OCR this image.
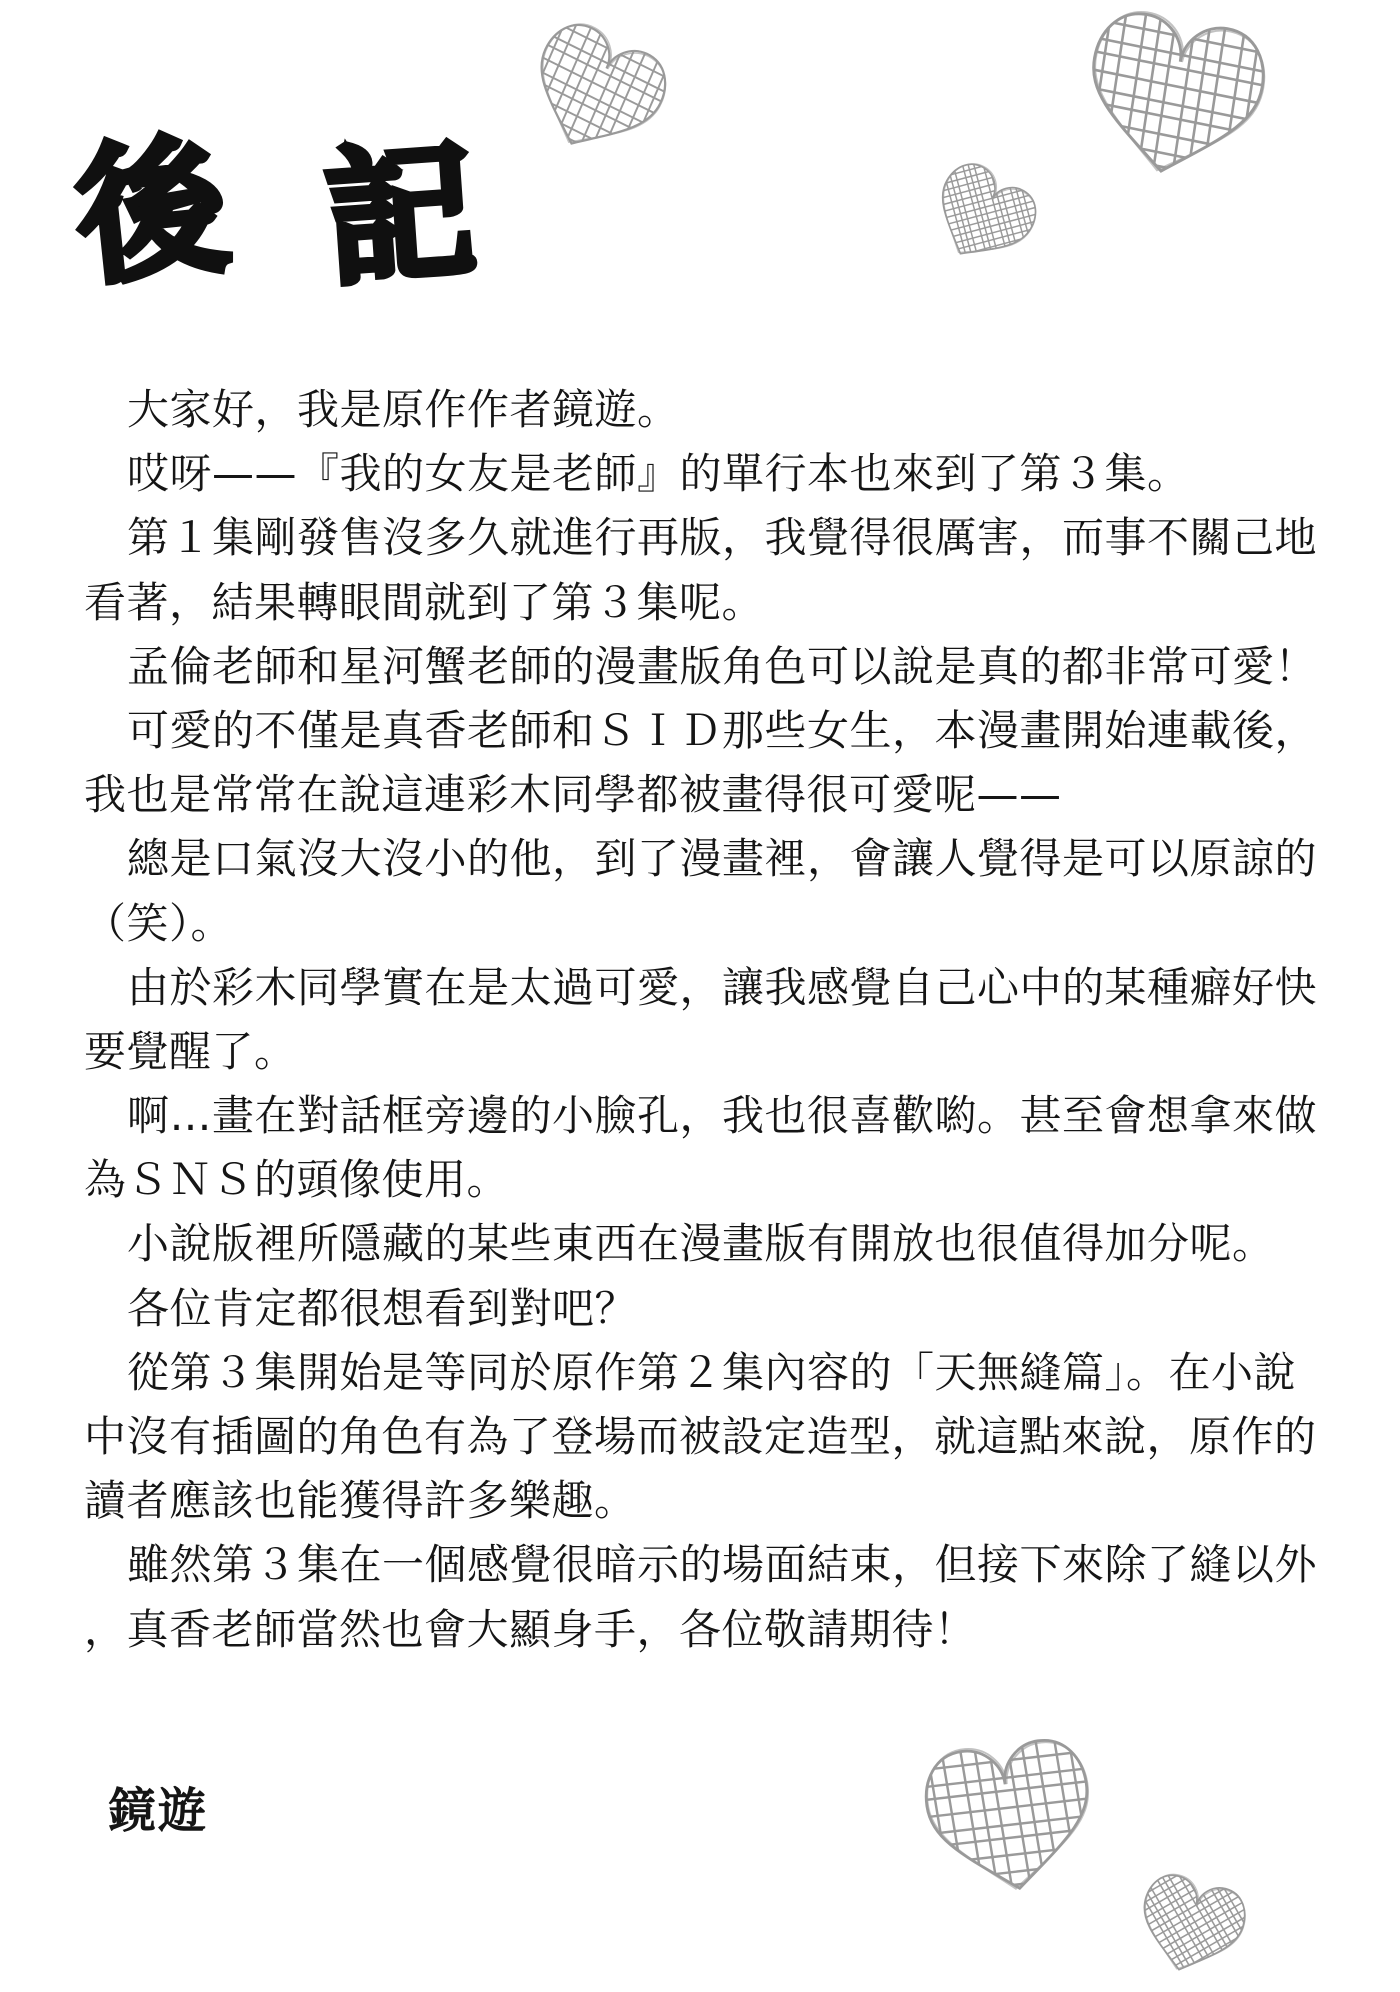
後 記
大家好，我是原作作者鏡遊。
哎呀——『我的女友是老師』的單行本也來到了第３集。
第１集剛發售沒多久就進行再版，我覺得很厲害，而事不關己地
看著，結果轉眼間就到了第３集呢。
孟倫老師和星河蟹老師的漫畫版角色可以說是真的都非常可愛！
可愛的不僅是真香老師和ＳＩＤ那些女生，本漫畫開始連載後，
我也是常常在說這連彩木同學都被畫得很可愛呢——
總是口氣沒大沒小的他，到了漫畫裡，會讓人覺得是可以原諒的
（笑）。
由於彩木同學實在是太過可愛，讓我感覺自己心中的某種癖好快
要覺醒了。
啊…畫在對話框旁邊的小臉孔，我也很喜歡喲。甚至會想拿來做
為ＳＮＳ的頭像使用。
小說版裡所隱藏的某些東西在漫畫版有開放也很值得加分呢。
各位肯定都很想看到對吧？
從第３集開始是等同於原作第２集內容的「天無縫篇」。在小說
中沒有插圖的角色有為了登場而被設定造型，就這點來說，原作的
讀者應該也能獲得許多樂趣。
雖然第３集在一個感覺很暗示的場面結束，但接下來除了縫以外
，真香老師當然也會大顯身手，各位敬請期待！
鏡遊
